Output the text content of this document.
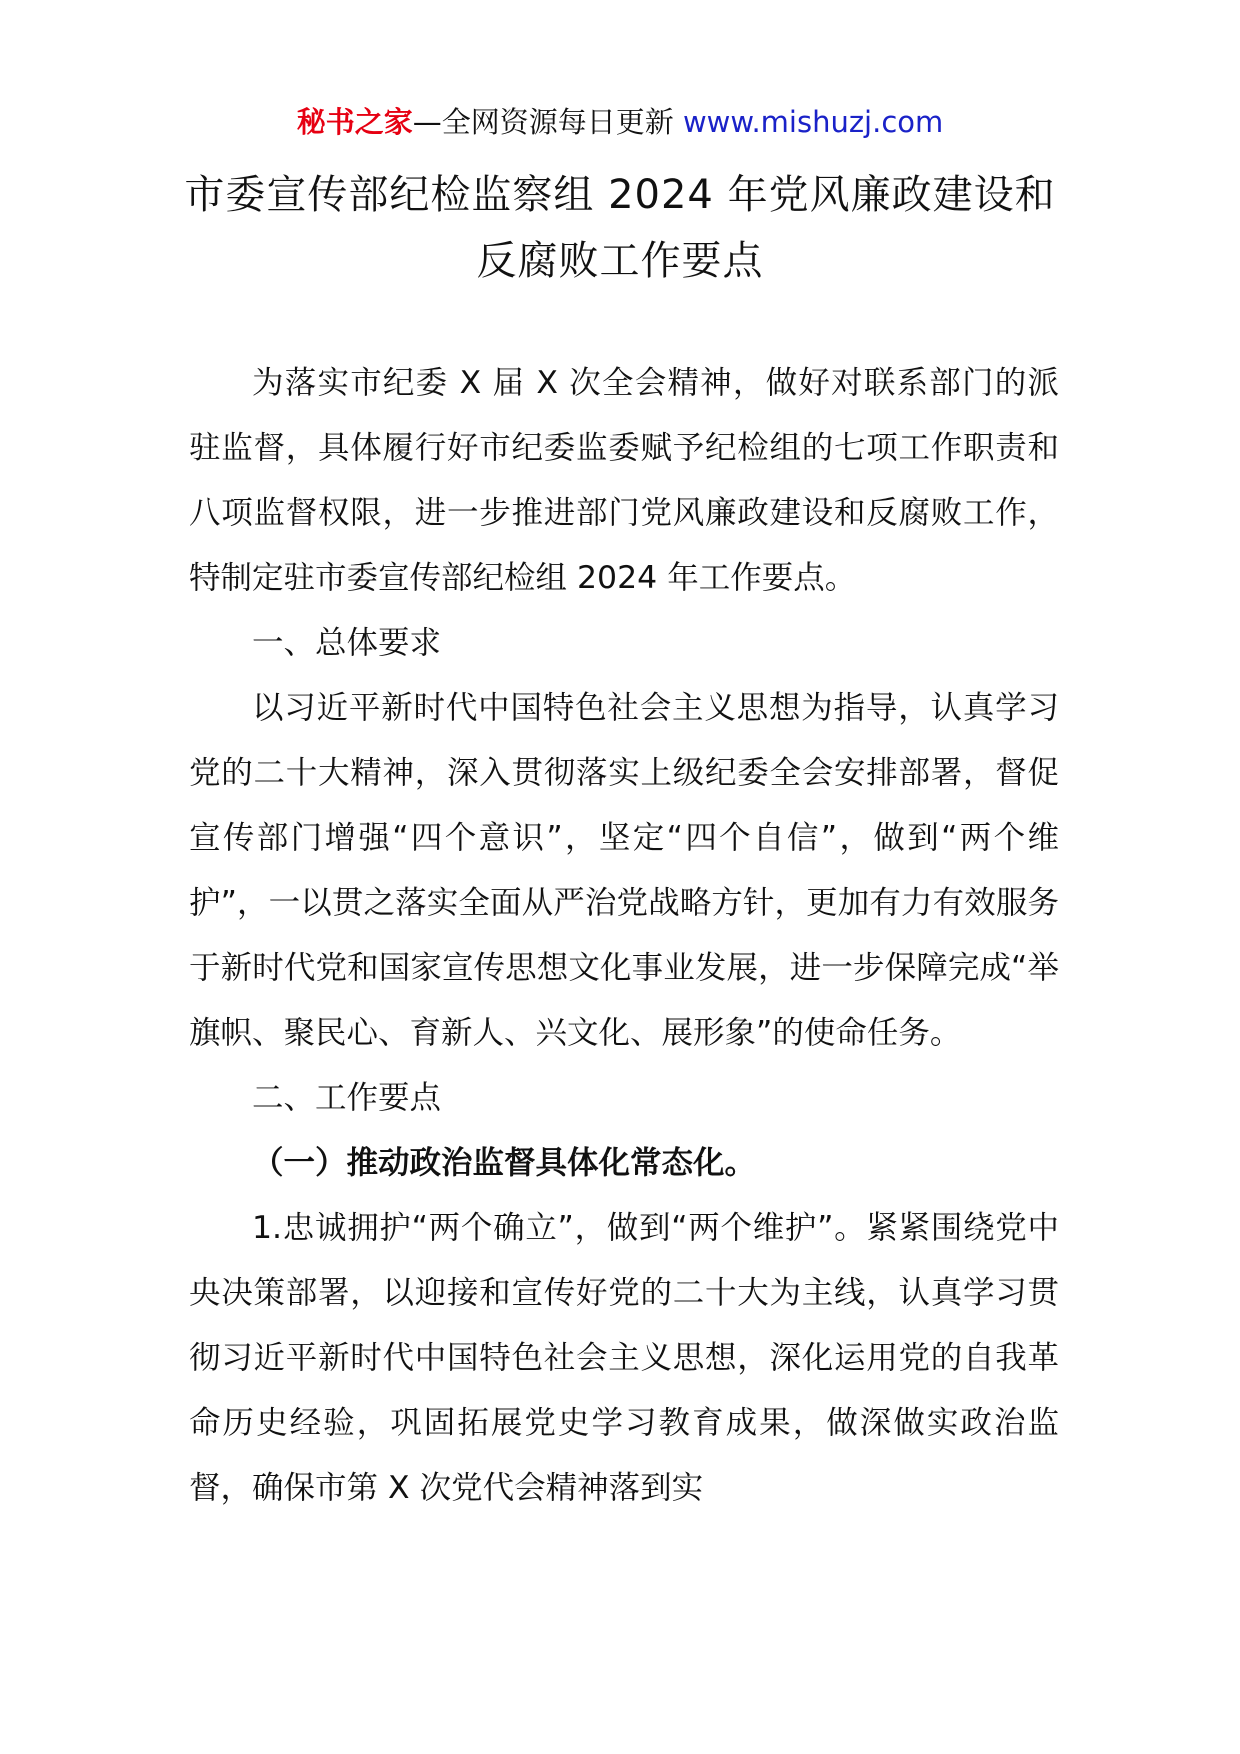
秘书之家—全网资源每日更新 www.mishuzj.com
市委宣传部纪检监察组 2024 年党风廉政建设和
反腐败工作要点

为落实市纪委 X 届 X 次全会精神，做好对联系部门的派驻监督，具体履行好市纪委监委赋予纪检组的七项工作职责和八项监督权限，进一步推进部门党风廉政建设和反腐败工作，特制定驻市委宣传部纪检组 2024 年工作要点。

一、总体要求

以习近平新时代中国特色社会主义思想为指导，认真学习党的二十大精神，深入贯彻落实上级纪委全会安排部署，督促宣传部门增强“四个意识”，坚定“四个自信”，做到“两个维护”，一以贯之落实全面从严治党战略方针，更加有力有效服务于新时代党和国家宣传思想文化事业发展，进一步保障完成“举旗帜、聚民心、育新人、兴文化、展形象”的使命任务。

二、工作要点

（一）推动政治监督具体化常态化。

1.忠诚拥护“两个确立”，做到“两个维护”。紧紧围绕党中央决策部署，以迎接和宣传好党的二十大为主线，认真学习贯彻习近平新时代中国特色社会主义思想，深化运用党的自我革命历史经验，巩固拓展党史学习教育成果，做深做实政治监督，确保市第 X 次党代会精神落到实
